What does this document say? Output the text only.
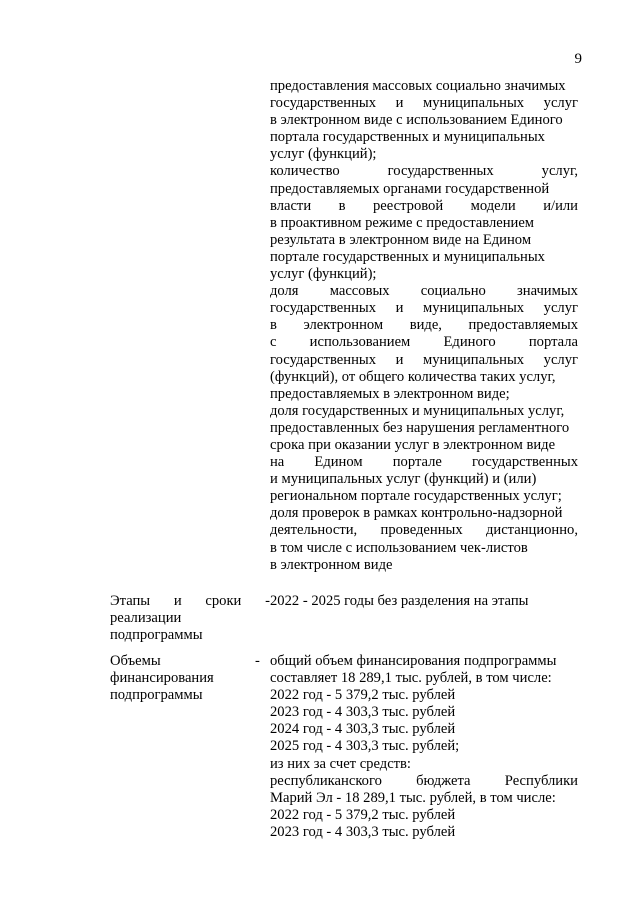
9
предоставления массовых социально значимых
государственных и муниципальных услуг
в электронном виде с использованием Единого
портала государственных и муниципальных
услуг (функций);
количество	государственных	услуг,
предоставляемых органами государственной
власти в реестровой модели и/или
в проактивном режиме с предоставлением
результата в электронном виде на Едином
портале государственных и муниципальных
услуг (функций);
доля массовых социально значимых
государственных и муниципальных услуг
в электронном виде, предоставляемых
с использованием Единого портала
государственных и муниципальных услуг
(функций), от общего количества таких услуг,
предоставляемых в электронном виде;
доля государственных и муниципальных услуг,
предоставленных без нарушения регламентного
срока при оказании услуг в электронном виде
на Едином портале государственных
и муниципальных услуг (функций) и (или)
региональном портале государственных услуг;
доля проверок в рамках контрольно-надзорной
деятельности, проведенных дистанционно,
в том числе с использованием чек-листов
в электронном виде
Этапы и сроки -
реализации
подпрограммы
2022 - 2025 годы без разделения на этапы
Объемы
финансирования
подпрограммы
- общий объем финансирования подпрограммы
составляет 18 289,1 тыс. рублей, в том числе:
2022 год - 5 379,2 тыс. рублей
2023 год - 4 303,3 тыс. рублей
2024 год - 4 303,3 тыс. рублей
2025 год - 4 303,3 тыс. рублей;
из них за счет средств:
республиканского бюджета Республики
Марий Эл - 18 289,1 тыс. рублей, в том числе:
2022 год - 5 379,2 тыс. рублей
2023 год - 4 303,3 тыс. рублей
